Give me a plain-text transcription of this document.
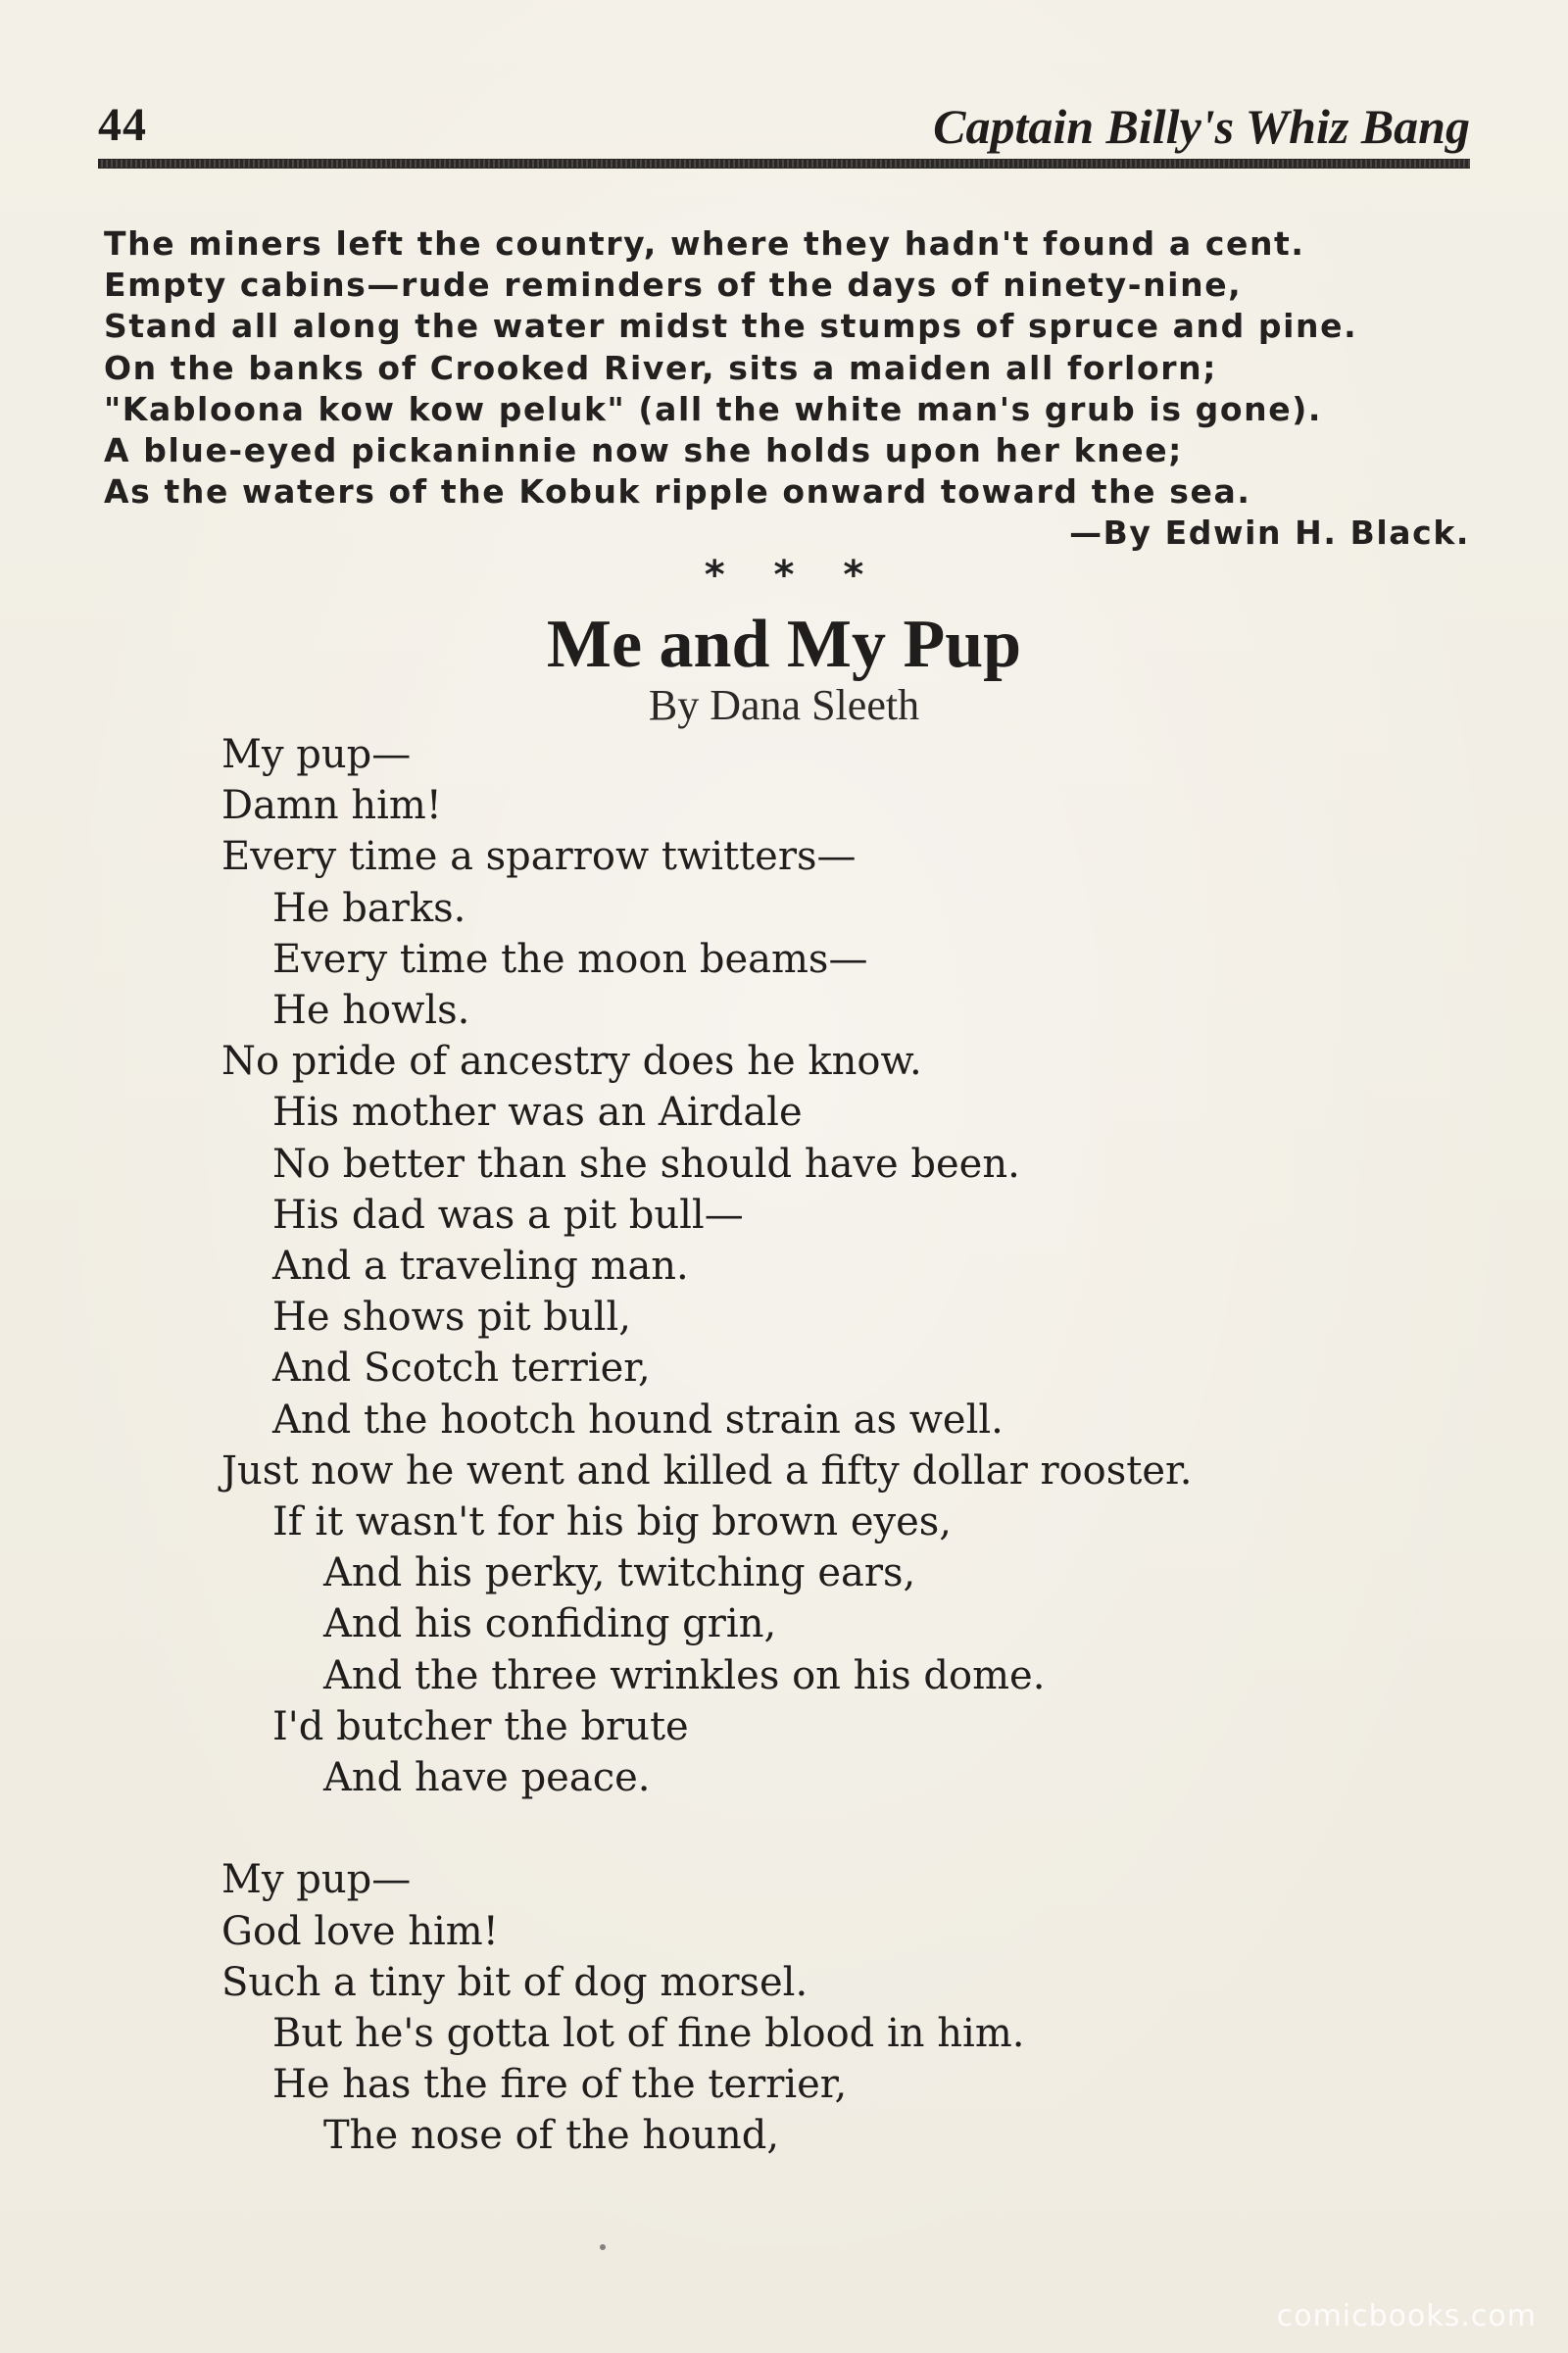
44	Captain Billy's Whiz Bang
The miners left the country, where they hadn't found a cent.
Empty cabins—rude reminders of the days of ninety-nine,
Stand all along the water midst the stumps of spruce and pine.
On the banks of Crooked River, sits a maiden all forlorn;
"Kabloona kow kow peluk" (all the white man's grub is gone).
A blue-eyed pickaninnie now she holds upon her knee;
As the waters of the Kobuk ripple onward toward the sea.
—By Edwin H. Black.
* * *
Me and My Pup
By Dana Sleeth
My pup—
Damn him!
Every time a sparrow twitters—
He barks.
Every time the moon beams—
He howls.
No pride of ancestry does he know.
His mother was an Airdale
No better than she should have been.
His dad was a pit bull—
And a traveling man.
He shows pit bull,
And Scotch terrier,
And the hootch hound strain as well.
Just now he went and killed a fifty dollar rooster.
If it wasn't for his big brown eyes,
And his perky, twitching ears,
And his confiding grin,
And the three wrinkles on his dome.
I'd butcher the brute
And have peace.
My pup—
God love him!
Such a tiny bit of dog morsel.
But he's gotta lot of fine blood in him.
He has the fire of the terrier,
The nose of the hound,
comicbooks.com
